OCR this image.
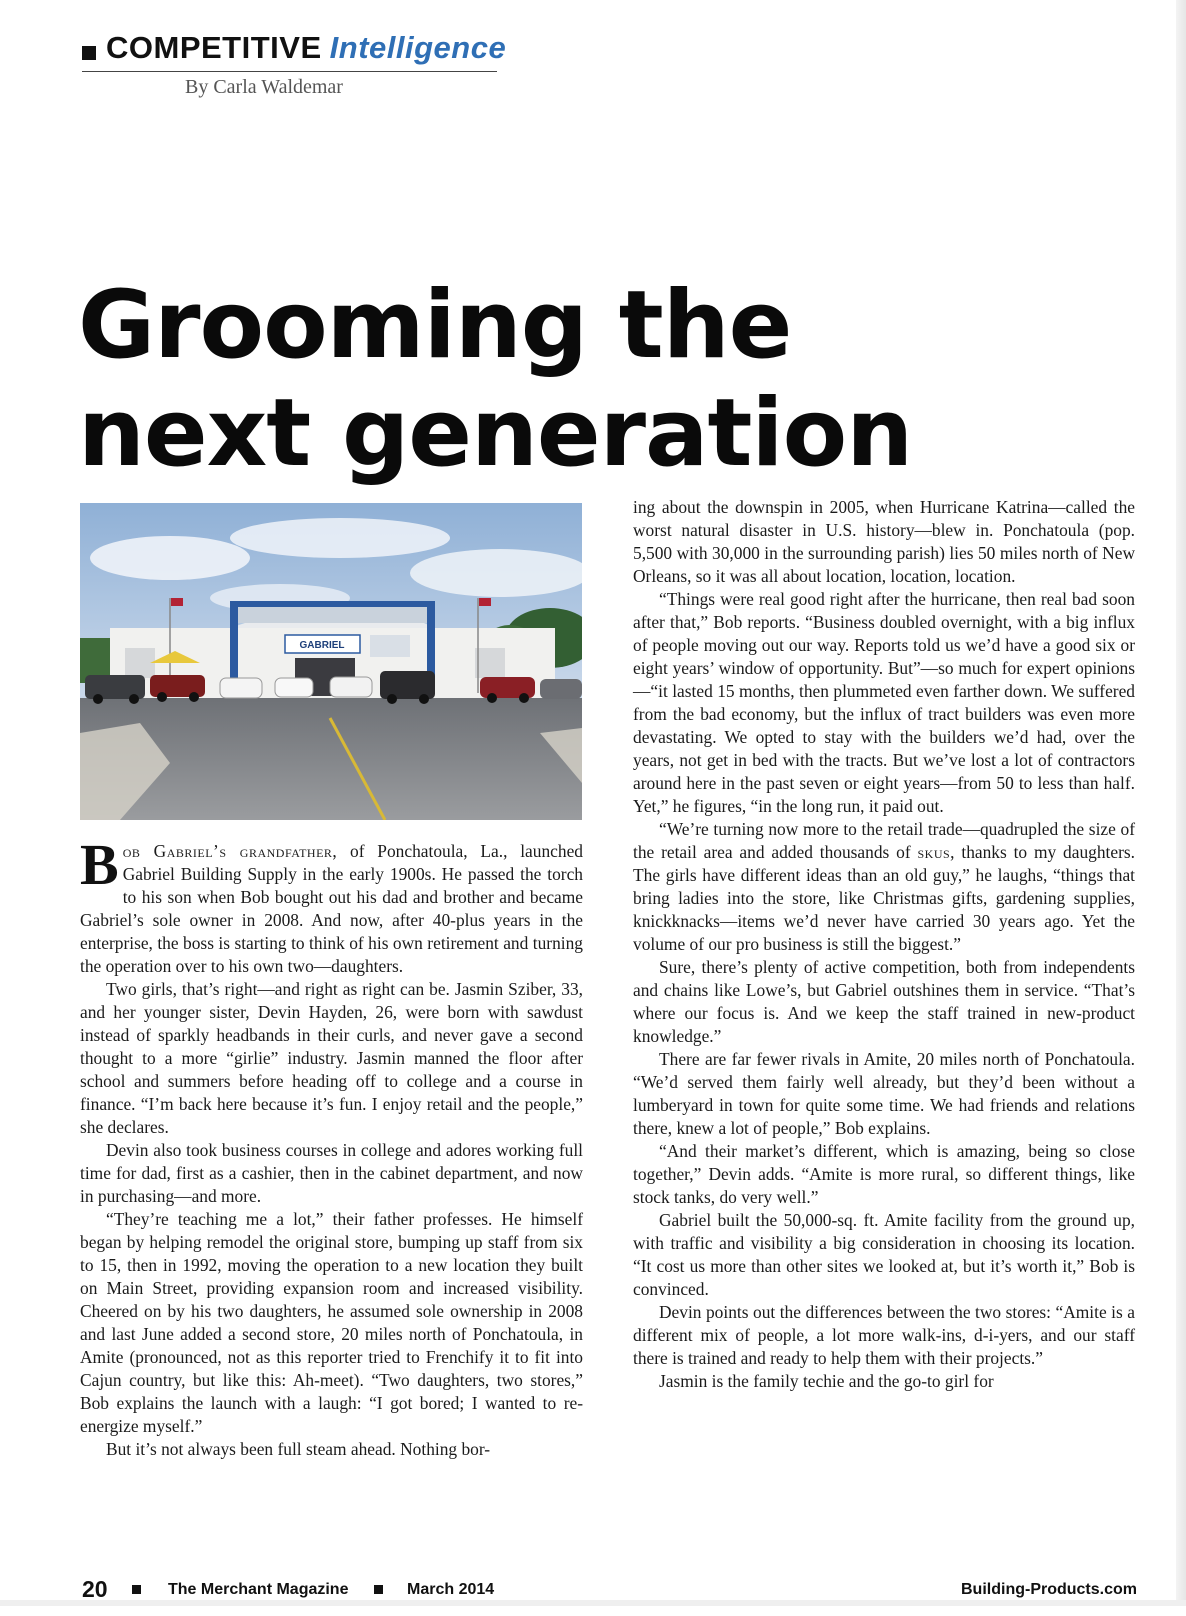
COMPETITIVE Intelligence
By Carla Waldemar
Grooming the
next generation
GABRIEL

Bob Gabriel’s grandfather, of Ponchatoula, La., launched Gabriel Building Supply in the early 1900s. He passed the torch to his son when Bob bought out his dad and brother and became Gabriel’s sole owner in 2008. And now, after 40-plus years in the enterprise, the boss is starting to think of his own retirement and turning the operation over to his own two—daughters.

Two girls, that’s right—and right as right can be. Jasmin Sziber, 33, and her younger sister, Devin Hayden, 26, were born with sawdust instead of sparkly headbands in their curls, and never gave a second thought to a more “girlie” industry. Jasmin manned the floor after school and summers before heading off to college and a course in finance. “I’m back here because it’s fun. I enjoy retail and the people,” she declares.

Devin also took business courses in college and adores working full time for dad, first as a cashier, then in the cabinet department, and now in purchasing—and more.

“They’re teaching me a lot,” their father professes. He himself began by helping remodel the original store, bumping up staff from six to 15, then in 1992, moving the operation to a new location they built on Main Street, providing expansion room and increased visibility. Cheered on by his two daughters, he assumed sole ownership in 2008 and last June added a second store, 20 miles north of Ponchatoula, in Amite (pronounced, not as this reporter tried to Frenchify it to fit into Cajun country, but like this: Ah-meet). “Two daughters, two stores,” Bob explains the launch with a laugh: “I got bored; I wanted to re-energize myself.”

But it’s not always been full steam ahead. Nothing bor-

ing about the downspin in 2005, when Hurricane Katrina—called the worst natural disaster in U.S. history—blew in. Ponchatoula (pop. 5,500 with 30,000 in the surrounding parish) lies 50 miles north of New Orleans, so it was all about location, location, location.

“Things were real good right after the hurricane, then real bad soon after that,” Bob reports. “Business doubled overnight, with a big influx of people moving out our way. Reports told us we’d have a good six or eight years’ window of opportunity. But”—so much for expert opinions—“it lasted 15 months, then plummeted even farther down. We suffered from the bad economy, but the influx of tract builders was even more devastating. We opted to stay with the builders we’d had, over the years, not get in bed with the tracts. But we’ve lost a lot of contractors around here in the past seven or eight years—from 50 to less than half. Yet,” he figures, “in the long run, it paid out.

“We’re turning now more to the retail trade—quadrupled the size of the retail area and added thousands of skus, thanks to my daughters. The girls have different ideas than an old guy,” he laughs, “things that bring ladies into the store, like Christmas gifts, gardening supplies, knickknacks—items we’d never have carried 30 years ago. Yet the volume of our pro business is still the biggest.”

Sure, there’s plenty of active competition, both from independents and chains like Lowe’s, but Gabriel outshines them in service. “That’s where our focus is. And we keep the staff trained in new-product knowledge.”

There are far fewer rivals in Amite, 20 miles north of Ponchatoula. “We’d served them fairly well already, but they’d been without a lumberyard in town for quite some time. We had friends and relations there, knew a lot of people,” Bob explains.

“And their market’s different, which is amazing, being so close together,” Devin adds. “Amite is more rural, so different things, like stock tanks, do very well.”

Gabriel built the 50,000-sq. ft. Amite facility from the ground up, with traffic and visibility a big consideration in choosing its location. “It cost us more than other sites we looked at, but it’s worth it,” Bob is convinced.

Devin points out the differences between the two stores: “Amite is a different mix of people, a lot more walk-ins, d-i-yers, and our staff there is trained and ready to help them with their projects.”

Jasmin is the family techie and the go-to girl for

20	The Merchant Magazine	March 2014	Building-Products.com
